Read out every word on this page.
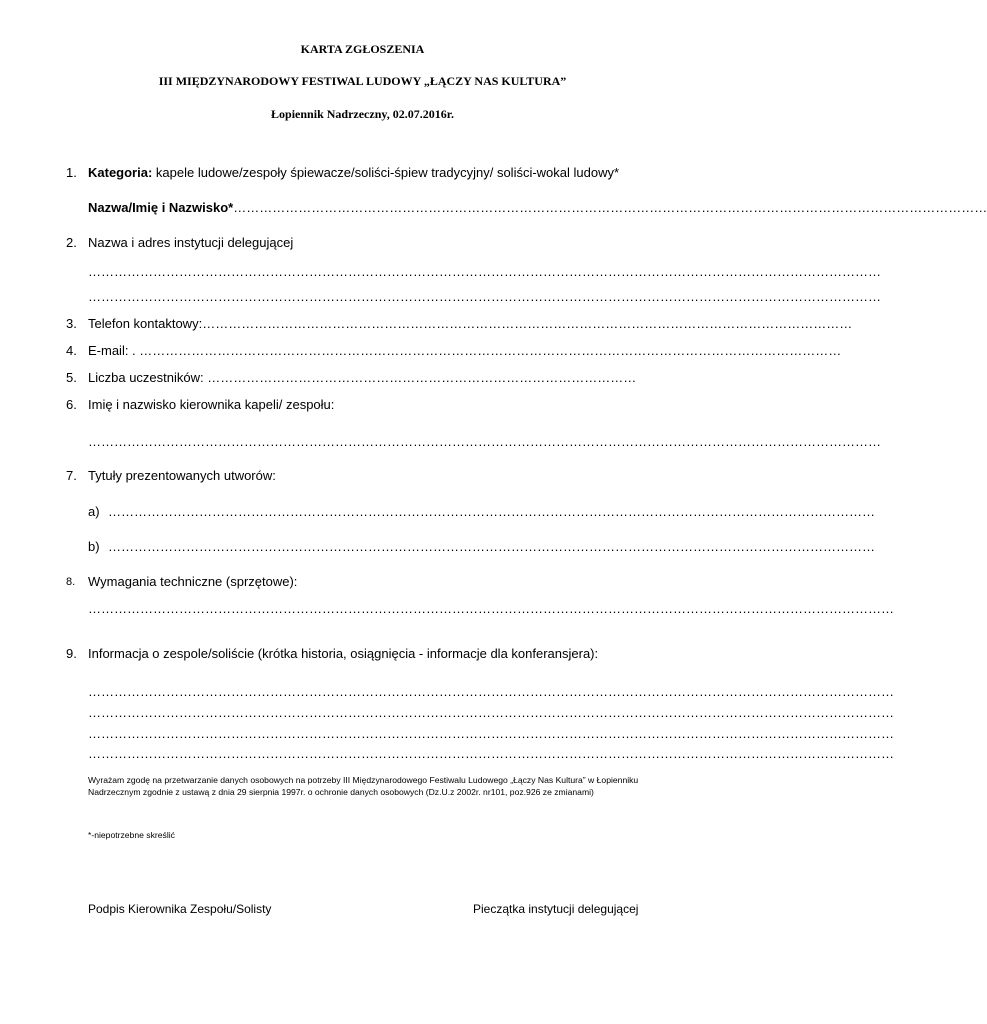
KARTA ZGŁOSZENIA
III MIĘDZYNARODOWY FESTIWAL LUDOWY „ŁĄCZY NAS KULTURA”
Łopiennik Nadrzeczny, 02.07.2016r.
1. Kategoria: kapele ludowe/zespoły śpiewacze/soliści-śpiew tradycyjny/ soliści-wokal ludowy*
Nazwa/Imię i Nazwisko*…………………………………………………………………………………………………………………………………………………………
2. Nazwa i adres instytucji delegującej
…………………………………………………………………………………………………………………………………………………………………
…………………………………………………………………………………………………………………………………………………………………
3. Telefon kontaktowy:……………………………………………………………………………………………………………………………………
4. E-mail: . ………………………………………………………………………………………………………………………………………………
5. Liczba uczestników: ………………………………………………………………………………………
6. Imię i nazwisko kierownika kapeli/ zespołu:
…………………………………………………………………………………………………………………………………………………………………
7. Tytuły prezentowanych utworów:
a) ……………………………………………………………………………………………………………………………………………………………
b) ……………………………………………………………………………………………………………………………………………………………
8. Wymagania techniczne (sprzętowe):
……………………………………………………………………………………………………………………………………………………………………
9. Informacja o zespole/soliście (krótka historia, osiągnięcia - informacje dla konferansjera):
……………………………………………………………………………………………………………………………………………………………………
……………………………………………………………………………………………………………………………………………………………………
……………………………………………………………………………………………………………………………………………………………………
……………………………………………………………………………………………………………………………………………………………………
Wyrażam zgodę na przetwarzanie danych osobowych na potrzeby III Międzynarodowego Festiwalu Ludowego „Łączy Nas Kultura” w Łopienniku Nadrzecznym zgodnie z ustawą z dnia 29 sierpnia 1997r. o ochronie danych osobowych (Dz.U.z 2002r. nr101, poz.926 ze zmianami)
*-niepotrzebne skreślić
Podpis Kierownika Zespołu/Solisty	Pieczątka instytucji delegującej
